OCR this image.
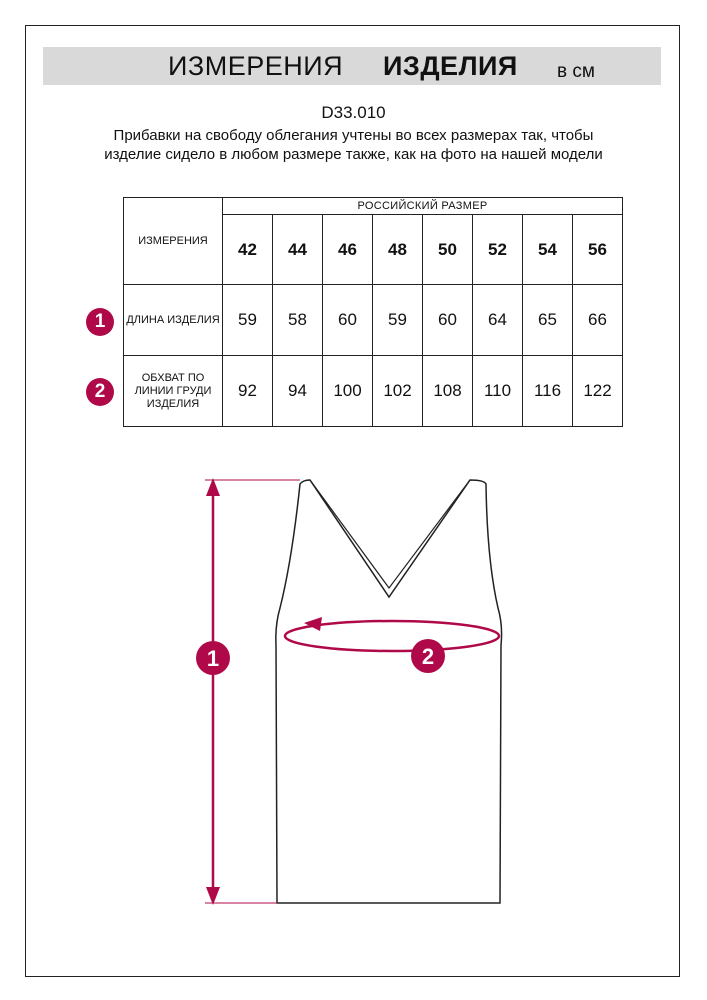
ИЗМЕРЕНИЯ ИЗДЕЛИЯ в см
D33.010
Прибавки на свободу облегания учтены во всех размерах так, чтобы изделие сидело в любом размере также, как на фото на нашей модели
1
2
ИЗМЕРЕНИЯ	РОССИЙСКИЙ РАЗМЕР							
	42	44	46	48	50	52	54	56
ДЛИНА ИЗДЕЛИЯ	59	58	60	59	60	64	65	66
ОБХВАТ ПО ЛИНИИ ГРУДИ ИЗДЕЛИЯ	92	94	100	102	108	110	116	122
1	2
